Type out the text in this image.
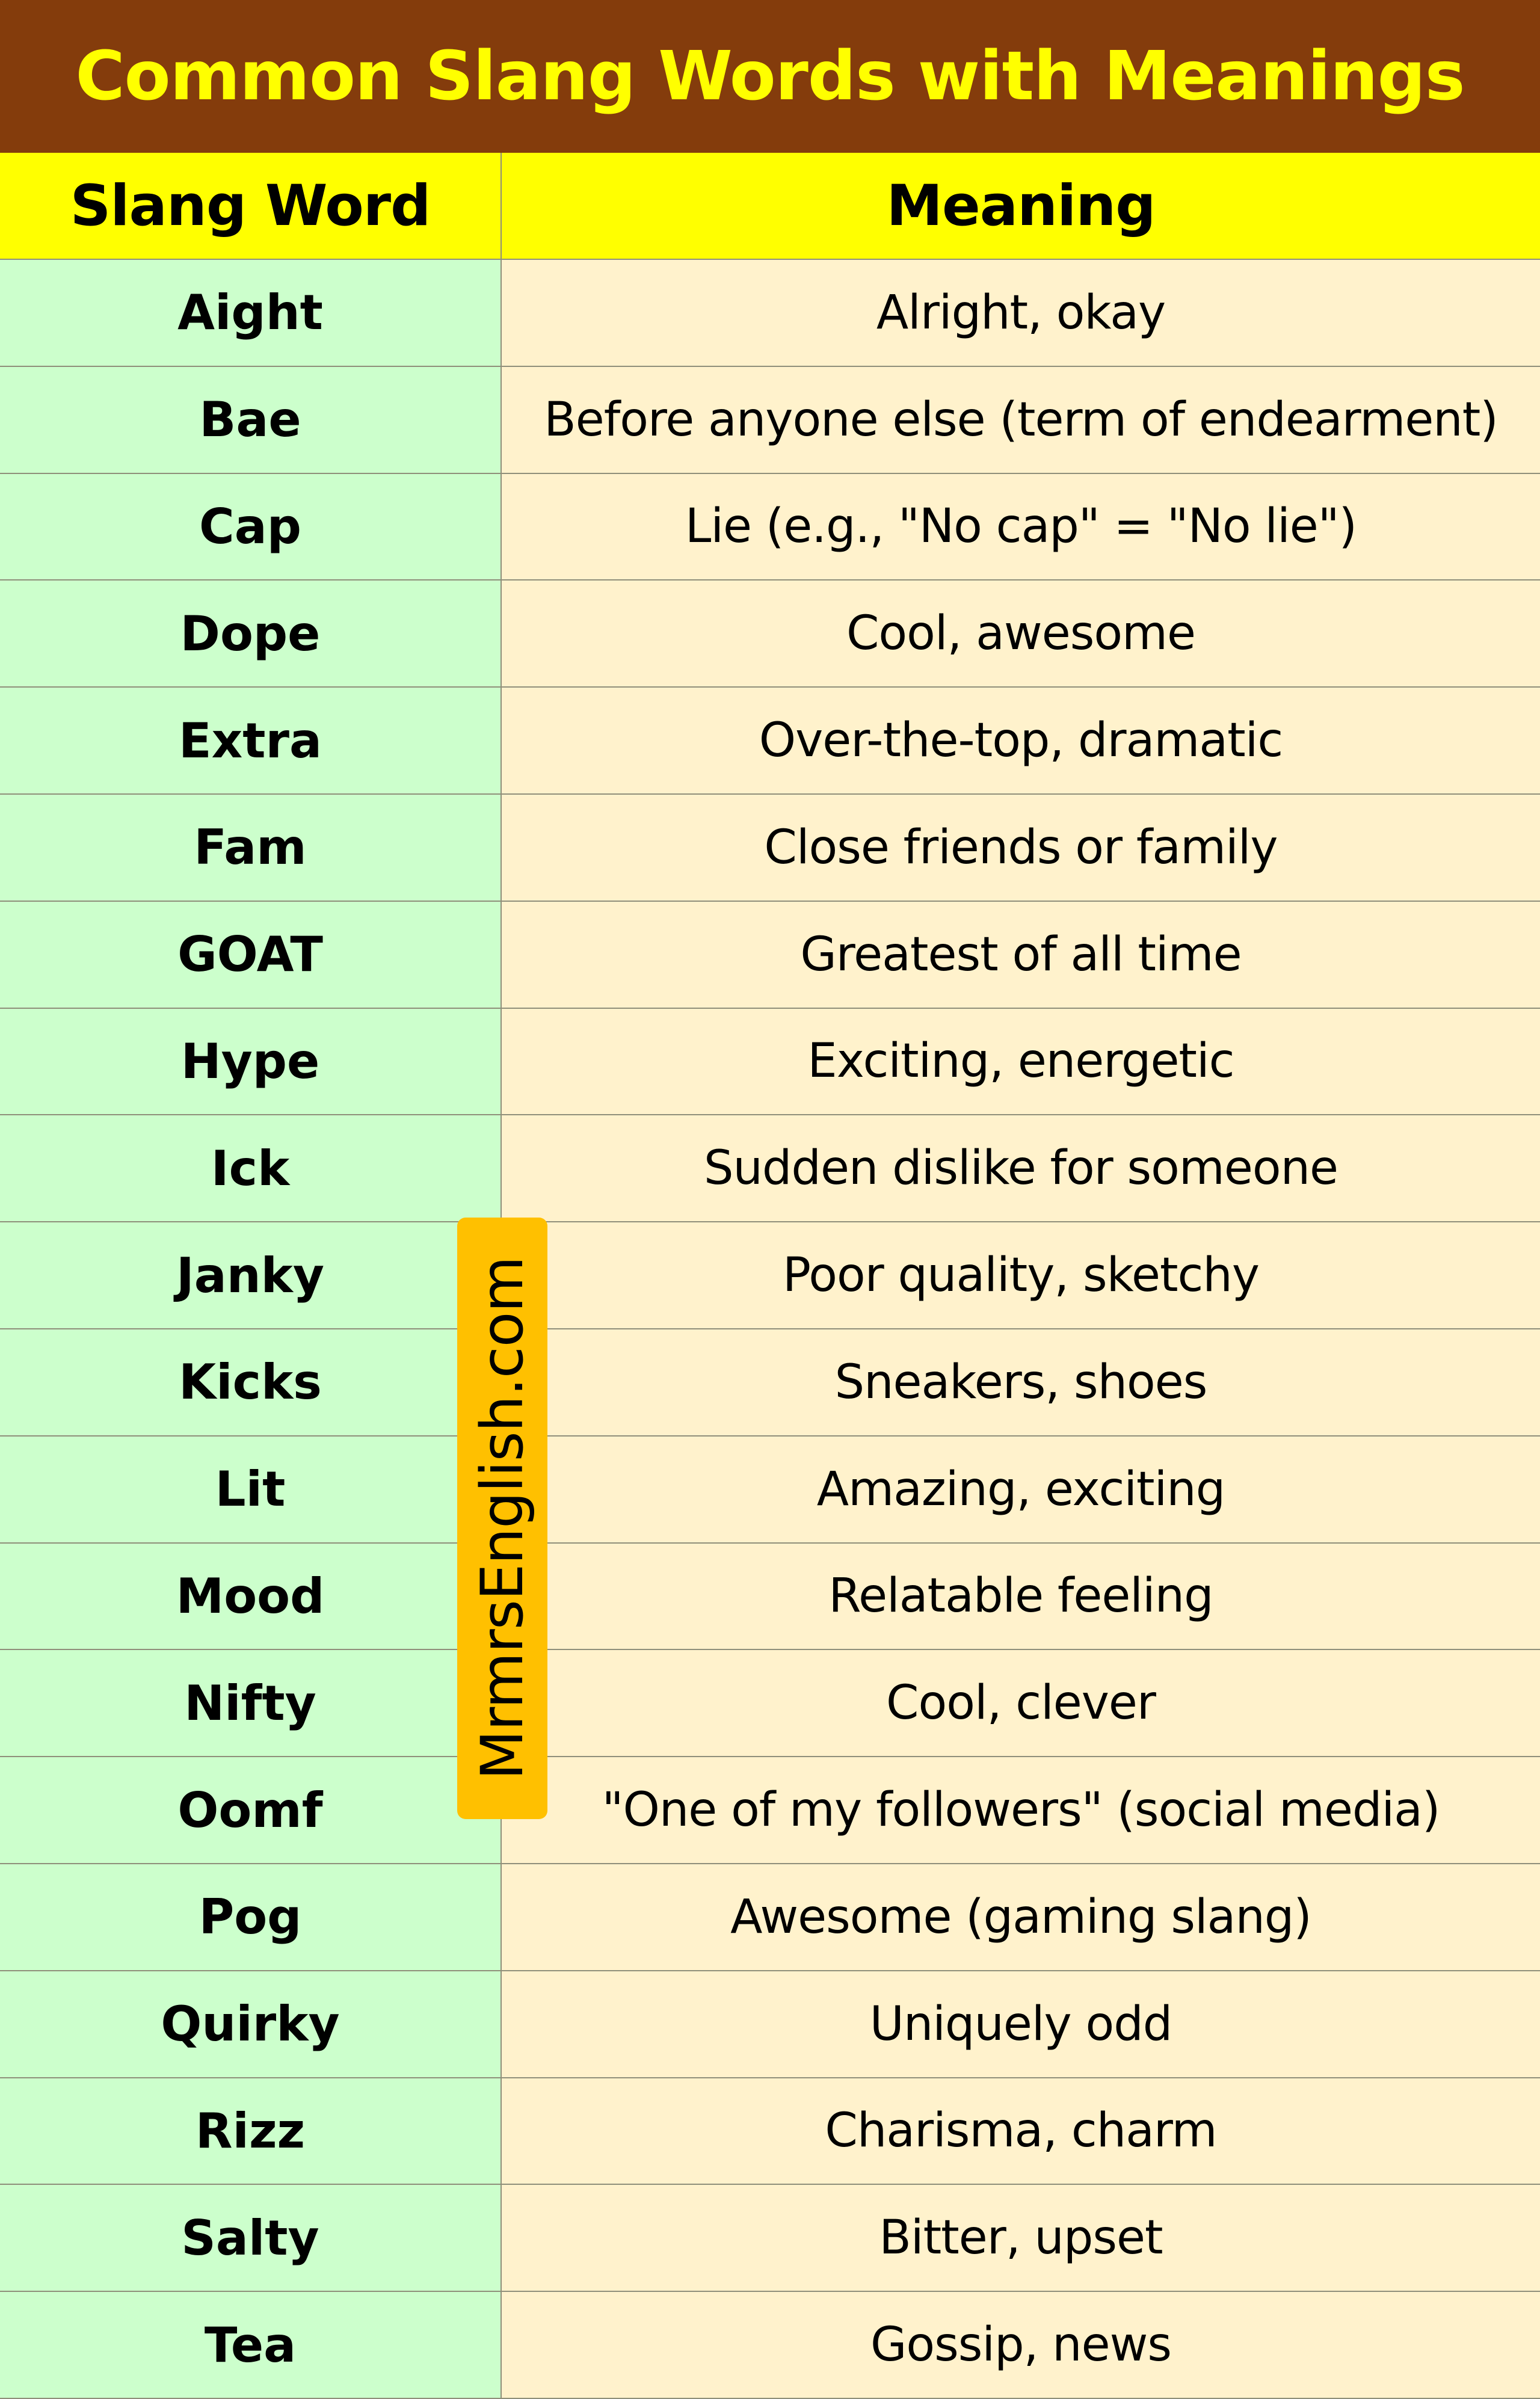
Common Slang Words with Meanings
Slang Word	Meaning
Aight	Alright, okay
Bae	Before anyone else (term of endearment)
Cap	Lie (e.g., "No cap" = "No lie")
Dope	Cool, awesome
Extra	Over-the-top, dramatic
Fam	Close friends or family
GOAT	Greatest of all time
Hype	Exciting, energetic
Ick	Sudden dislike for someone
Janky	Poor quality, sketchy
Kicks	Sneakers, shoes
Lit	Amazing, exciting
Mood	Relatable feeling
Nifty	Cool, clever
Oomf	"One of my followers" (social media)
Pog	Awesome (gaming slang)
Quirky	Uniquely odd
Rizz	Charisma, charm
Salty	Bitter, upset
Tea	Gossip, news
MrmrsEnglish.com
